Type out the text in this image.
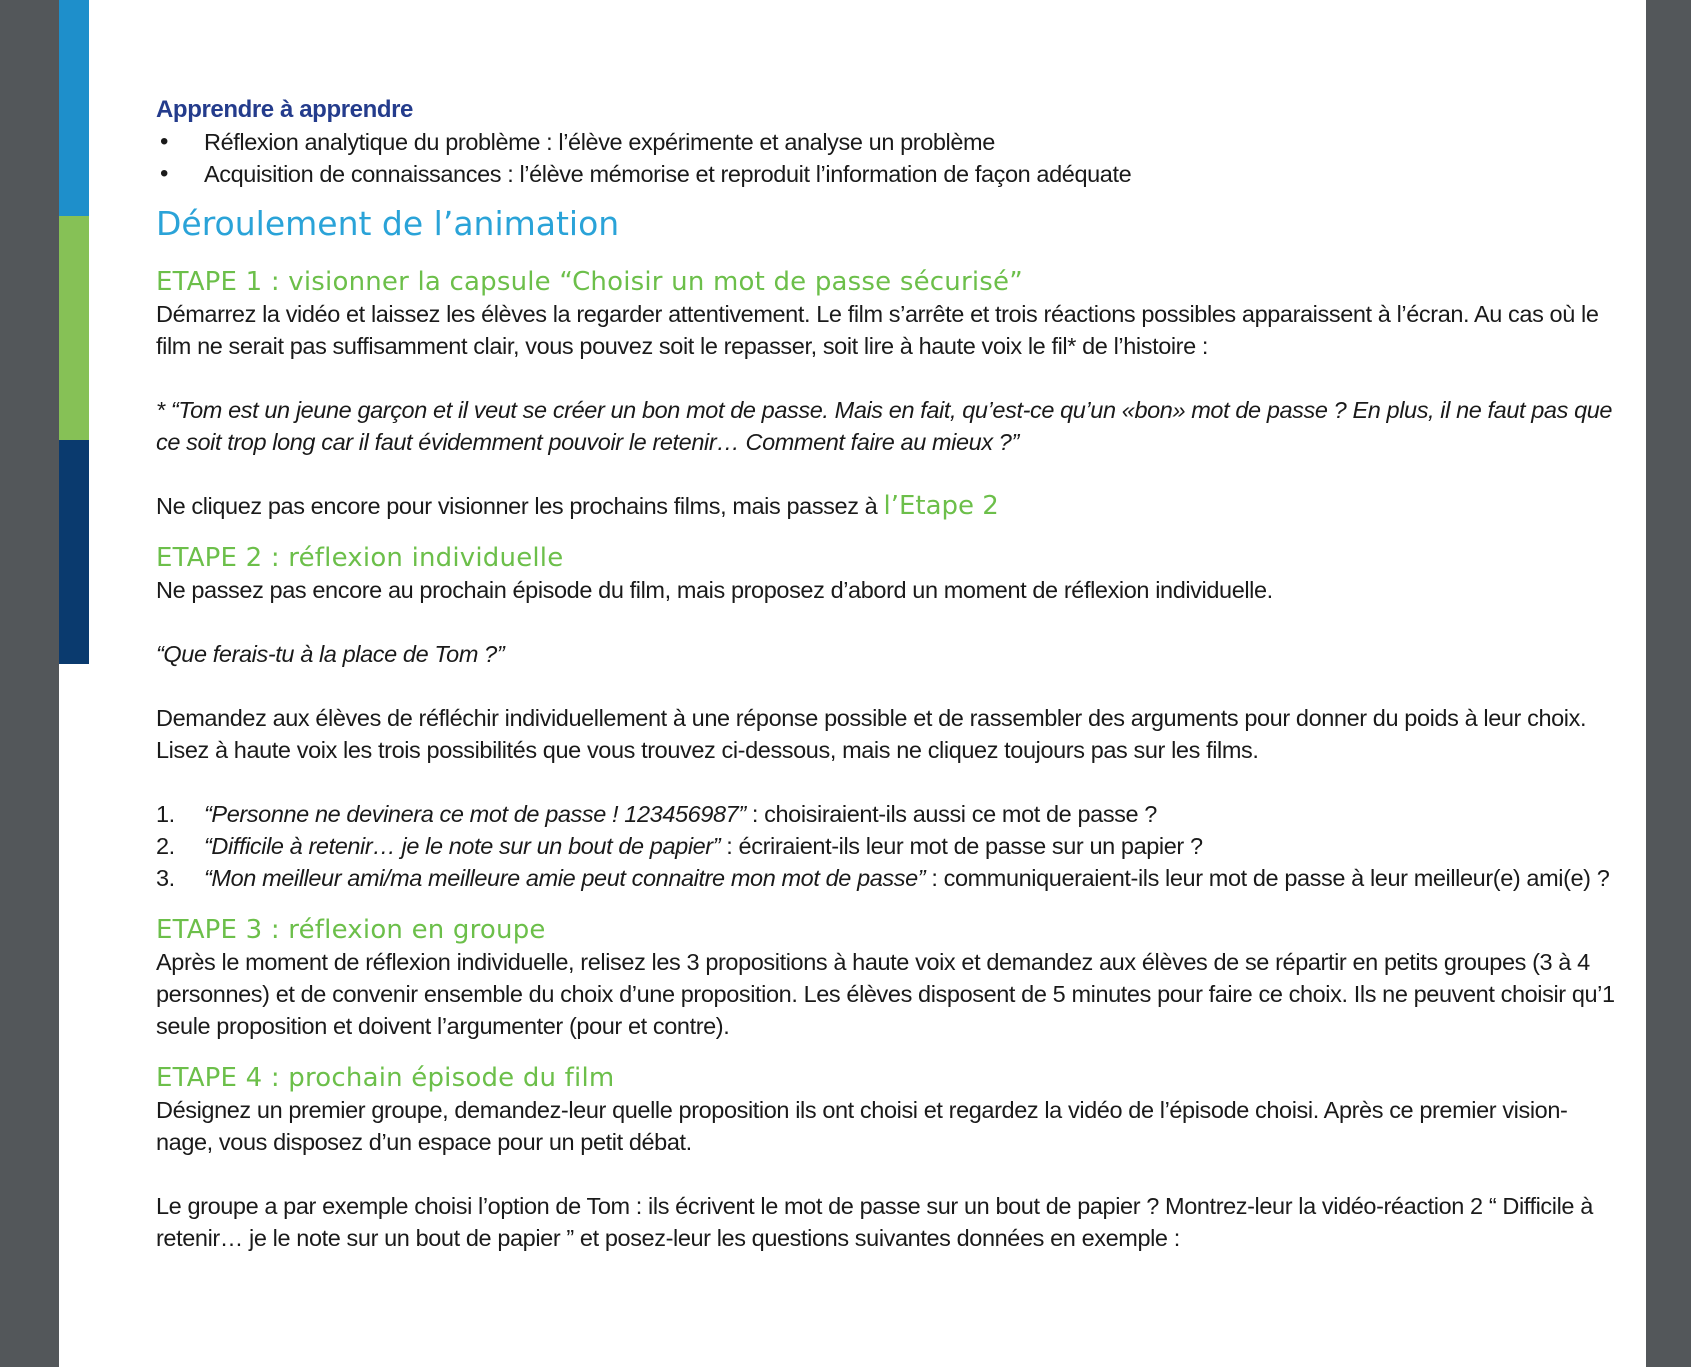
Apprendre à apprendre
• Réflexion analytique du problème : l’élève expérimente et analyse un problème
• Acquisition de connaissances : l’élève mémorise et reproduit l’information de façon adéquate
Déroulement de l’animation
ETAPE 1 : visionner la capsule “Choisir un mot de passe sécurisé”

Démarrez la vidéo et laissez les élèves la regarder attentivement. Le film s’arrête et trois réactions possibles apparaissent à l’écran. Au cas où le film ne serait pas suffisamment clair, vous pouvez soit le repasser, soit lire à haute voix le fil* de l’histoire :

* “Tom est un jeune garçon et il veut se créer un bon mot de passe. Mais en fait, qu’est-ce qu’un «bon» mot de passe ? En plus, il ne faut pas que ce soit trop long car il faut évidemment pouvoir le retenir… Comment faire au mieux ?”

Ne cliquez pas encore pour visionner les prochains films, mais passez à l’Etape 2

ETAPE 2 : réflexion individuelle

Ne passez pas encore au prochain épisode du film, mais proposez d’abord un moment de réflexion individuelle.

“Que ferais-tu à la place de Tom ?”

Demandez aux élèves de réfléchir individuellement à une réponse possible et de rassembler des arguments pour donner du poids à leur choix. Lisez à haute voix les trois possibilités que vous trouvez ci-dessous, mais ne cliquez toujours pas sur les films.

1. “Personne ne devinera ce mot de passe ! 123456987” : choisiraient-ils aussi ce mot de passe ?
2. “Difficile à retenir… je le note sur un bout de papier” : écriraient-ils leur mot de passe sur un papier ?
3. “Mon meilleur ami/ma meilleure amie peut connaitre mon mot de passe” : communiqueraient-ils leur mot de passe à leur meilleur(e) ami(e) ?
ETAPE 3 : réflexion en groupe

Après le moment de réflexion individuelle, relisez les 3 propositions à haute voix et demandez aux élèves de se répartir en petits groupes (3 à 4 personnes) et de convenir ensemble du choix d’une proposition. Les élèves disposent de 5 minutes pour faire ce choix. Ils ne peuvent choisir qu’1 seule proposition et doivent l’argumenter (pour et contre).

ETAPE 4 : prochain épisode du film

Désignez un premier groupe, demandez-leur quelle proposition ils ont choisi et regardez la vidéo de l’épisode choisi. Après ce premier vision-nage, vous disposez d’un espace pour un petit débat.

Le groupe a par exemple choisi l’option de Tom : ils écrivent le mot de passe sur un bout de papier ? Montrez-leur la vidéo-réaction 2 “ Difficile à retenir… je le note sur un bout de papier ” et posez-leur les questions suivantes données en exemple :
